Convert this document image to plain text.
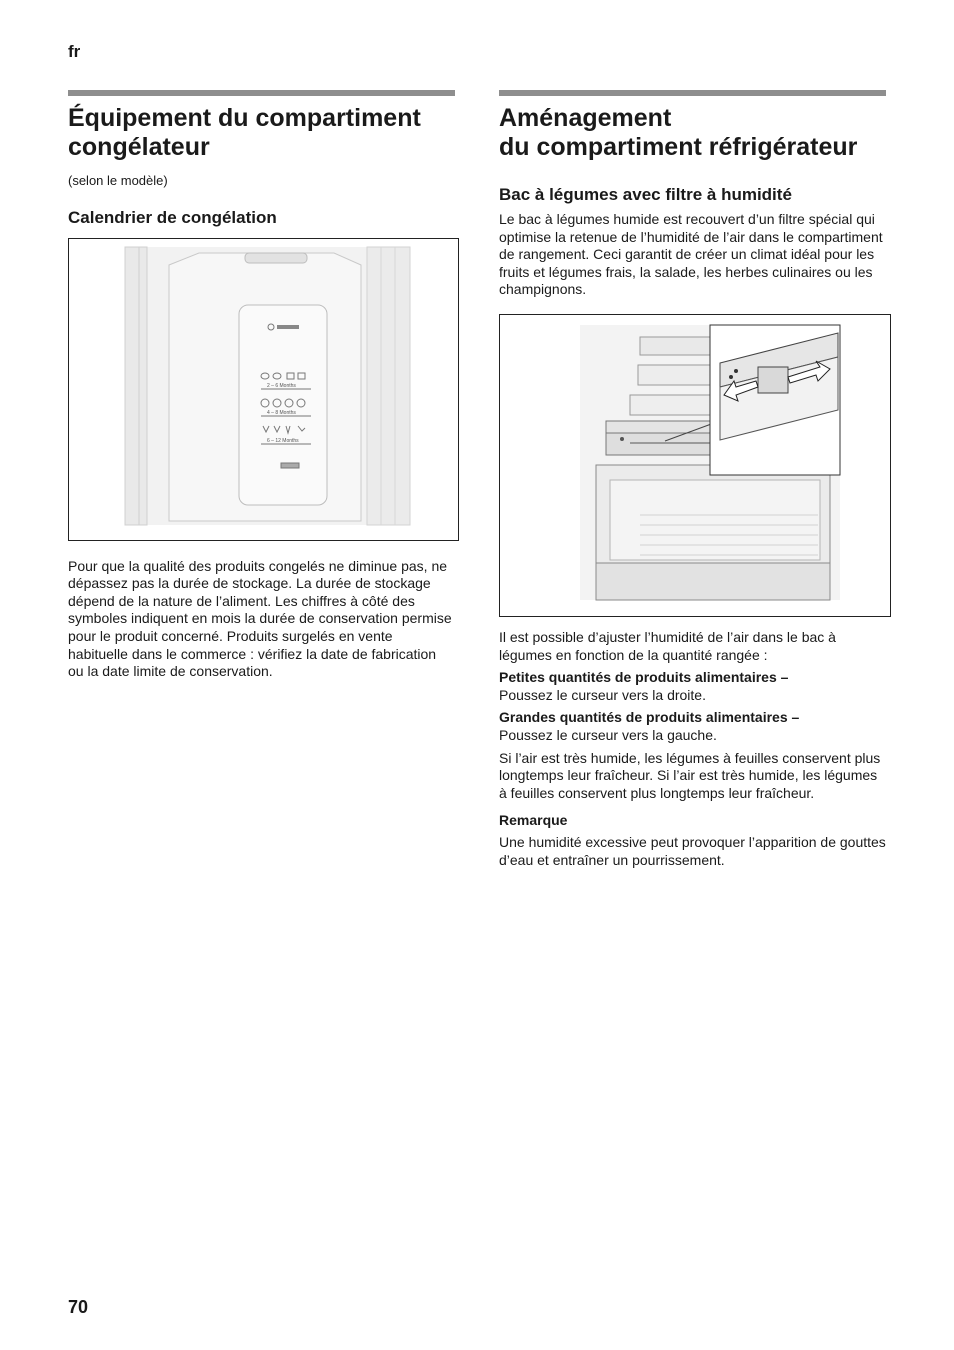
fr
Équipement du compartiment
congélateur

(selon le modèle)

Calendrier de congélation
2 – 6 Months
4 – 8 Months
6 – 12 Months

Pour que la qualité des produits congelés ne diminue pas, ne dépassez pas la durée de stockage. La durée de stockage dépend de la nature de l’aliment. Les chiffres à côté des symboles indiquent en mois la durée de conservation permise pour le produit concerné. Produits surgelés en vente habituelle dans le commerce : vérifiez la date de fabrication ou la date limite de conservation.

Aménagement
du compartiment réfrigérateur
Bac à légumes avec filtre à humidité

Le bac à légumes humide est recouvert d’un filtre spécial qui optimise la retenue de l’humidité de l’air dans le compartiment de rangement. Ceci garantit de créer un climat idéal pour les fruits et légumes frais, la salade, les herbes culinaires ou les champignons.

Il est possible d’ajuster l’humidité de l’air dans le bac à légumes en fonction de la quantité rangée :

Petites quantités de produits alimentaires –

Poussez le curseur vers la droite.

Grandes quantités de produits alimentaires –

Poussez le curseur vers la gauche.

Si l’air est très humide, les légumes à feuilles conservent plus longtemps leur fraîcheur. Si l’air est très humide, les légumes à feuilles conservent plus longtemps leur fraîcheur.

Remarque

Une humidité excessive peut provoquer l’apparition de gouttes d’eau et entraîner un pourrissement.

70
